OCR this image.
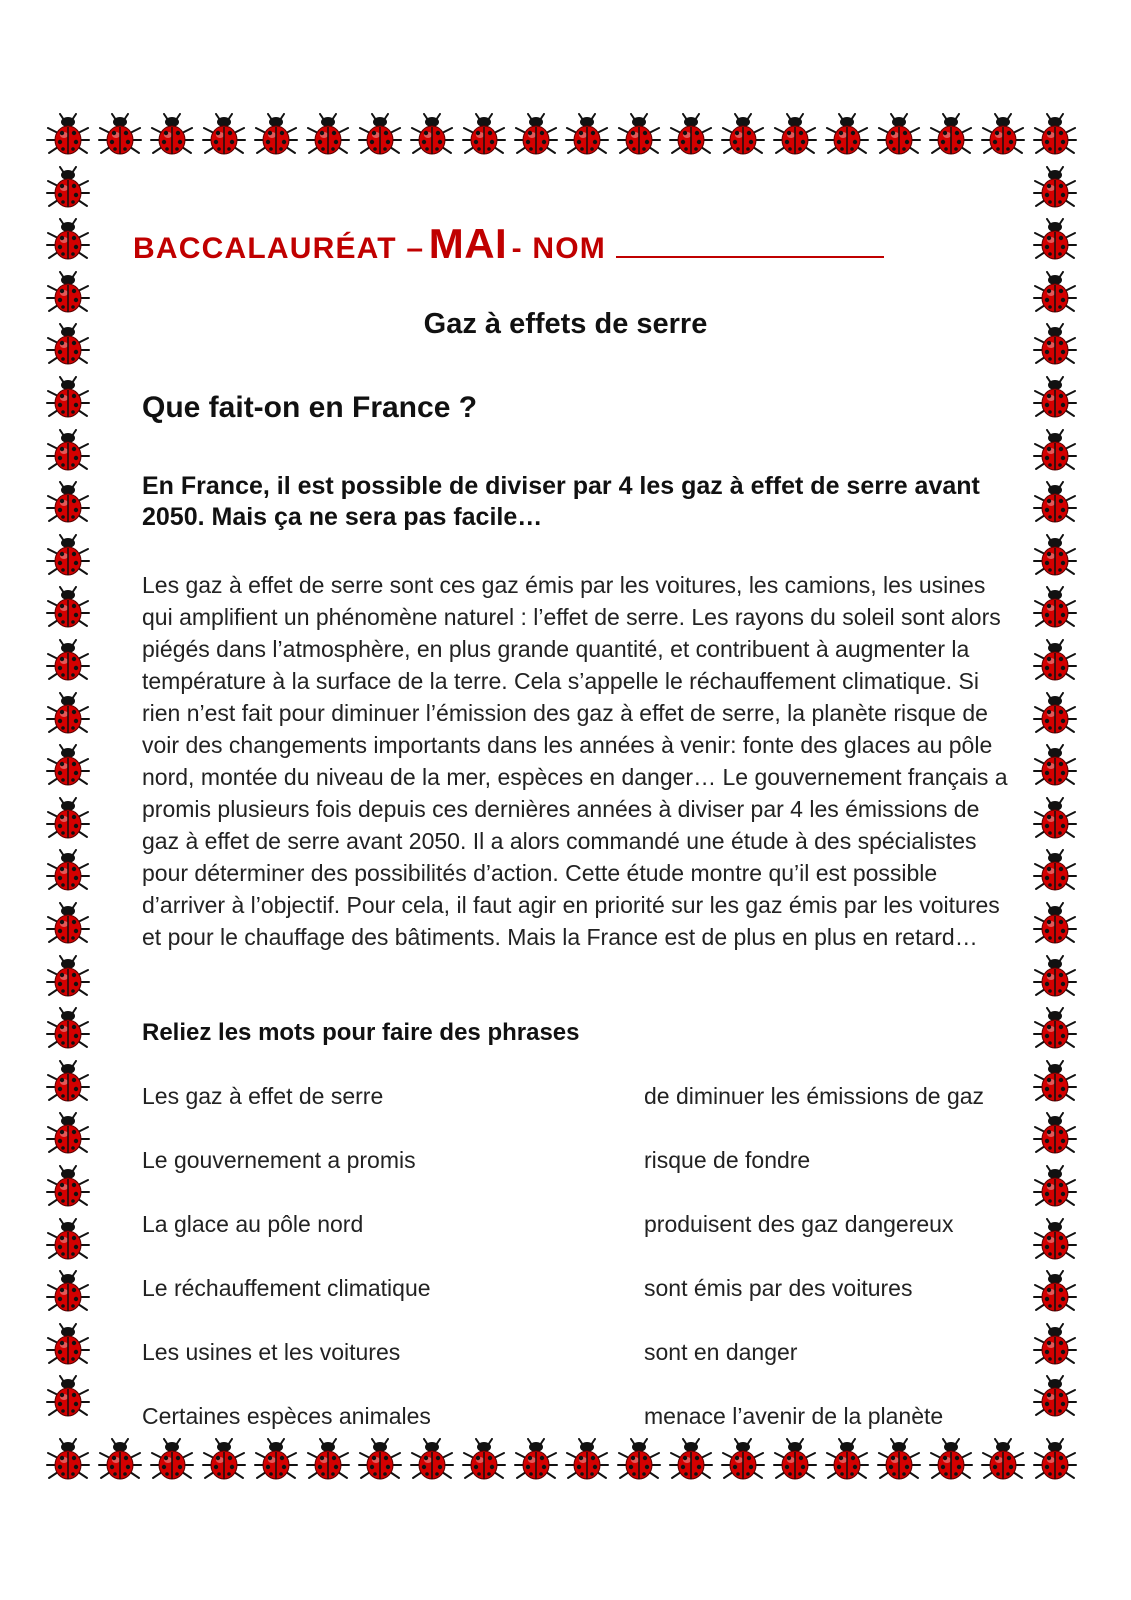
BACCALAURÉAT – MAI - NOM
Gaz à effets de serre
Que fait-on en France ?
En France, il est possible de diviser par 4 les gaz à effet de serre avant 2050. Mais ça ne sera pas facile…
Les gaz à effet de serre sont ces gaz émis par les voitures, les camions, les usines qui amplifient un phénomène naturel : l’effet de serre. Les rayons du soleil sont alors piégés dans l’atmosphère, en plus grande quantité, et contribuent à augmenter la température à la surface de la terre. Cela s’appelle le réchauffement climatique. Si rien n’est fait pour diminuer l’émission des gaz à effet de serre, la planète risque de voir des changements importants dans les années à venir: fonte des glaces au pôle nord, montée du niveau de la mer, espèces en danger… Le gouvernement français a promis plusieurs fois depuis ces dernières années à diviser par 4 les émissions de gaz à effet de serre avant 2050. Il a alors commandé une étude à des spécialistes pour déterminer des possibilités d’action. Cette étude montre qu’il est possible d’arriver à l’objectif. Pour cela, il faut agir en priorité sur les gaz émis par les voitures et pour le chauffage des bâtiments. Mais la France est de plus en plus en retard…
Reliez les mots pour faire des phrases
Les gaz à effet de serre	de diminuer les émissions de gaz
Le gouvernement a promis	risque de fondre
La glace au pôle nord	produisent des gaz dangereux
Le réchauffement climatique	sont émis par des voitures
Les usines et les voitures	sont en danger
Certaines espèces animales	menace l’avenir de la planète
